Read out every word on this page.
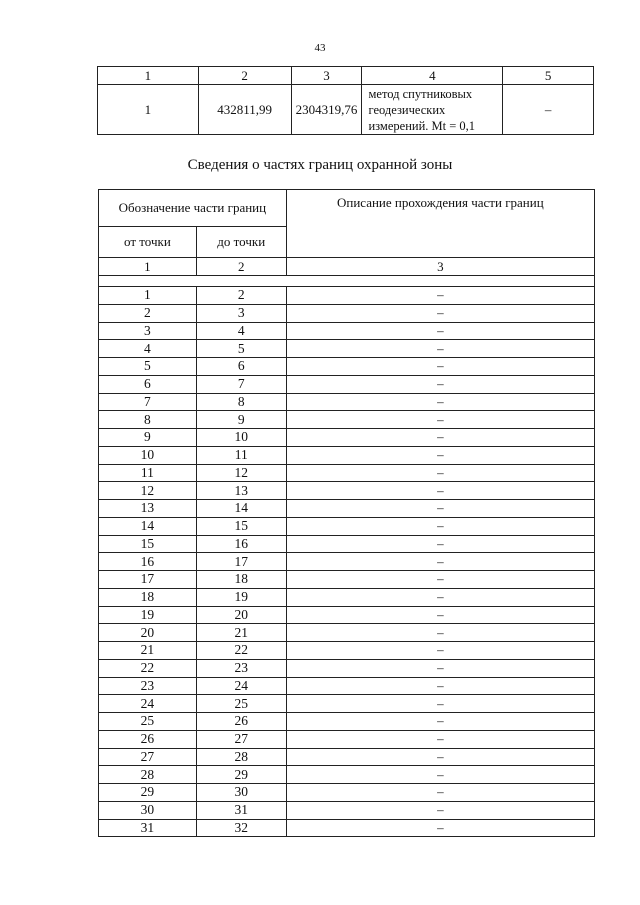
43
1	2	3	4	5
1	432811,99	2304319,76	метод спутниковых
геодезических
измерений. Mt = 0,1	–
Сведения о частях границ охранной зоны
Обозначение части границ		Описание прохождения части границ
от точки	до точки	
1	2	3

1	2	–
2	3	–
3	4	–
4	5	–
5	6	–
6	7	–
7	8	–
8	9	–
9	10	–
10	11	–
11	12	–
12	13	–
13	14	–
14	15	–
15	16	–
16	17	–
17	18	–
18	19	–
19	20	–
20	21	–
21	22	–
22	23	–
23	24	–
24	25	–
25	26	–
26	27	–
27	28	–
28	29	–
29	30	–
30	31	–
31	32	–
